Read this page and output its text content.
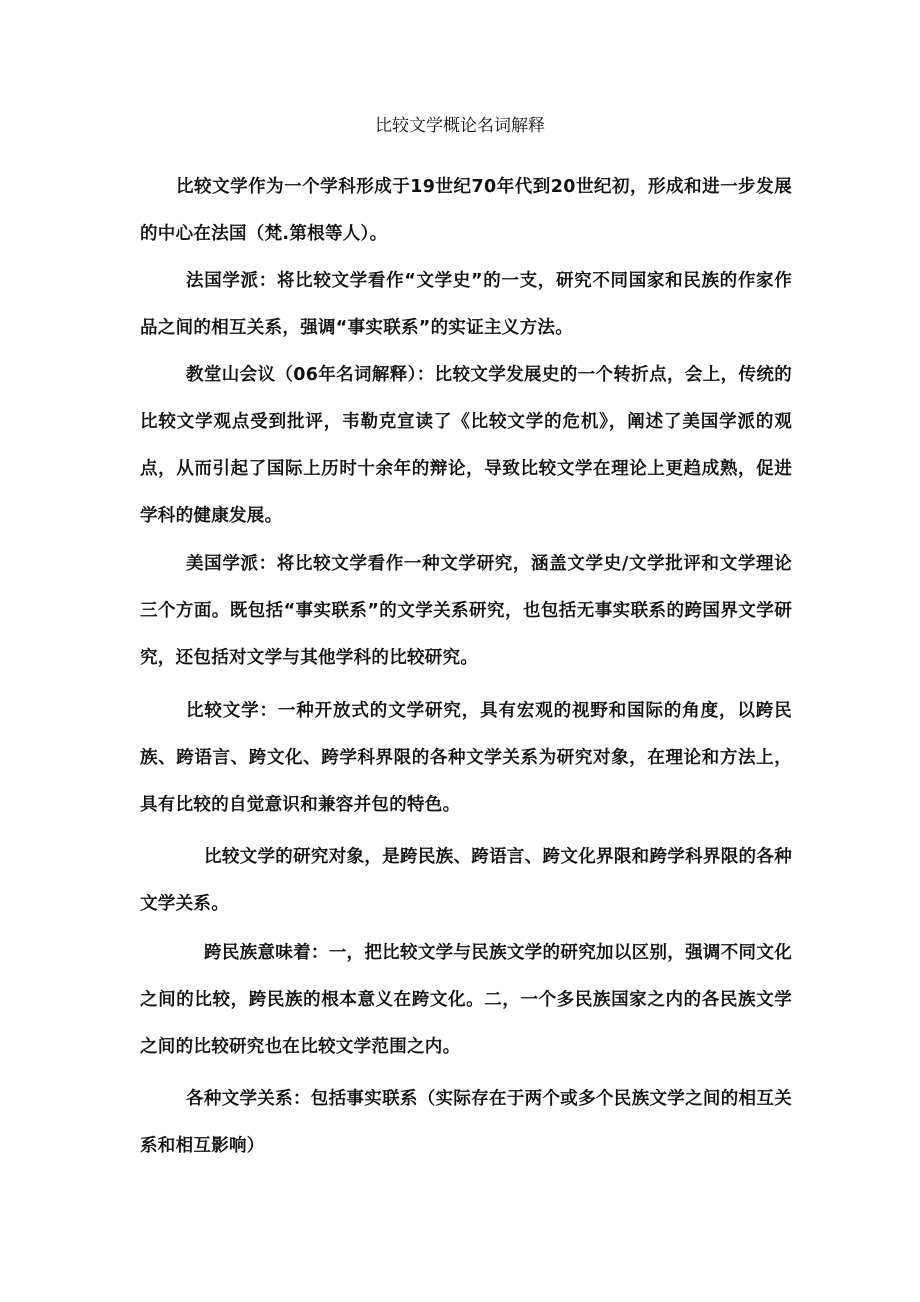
比较文学概论名词解释

比较文学作为一个学科形成于19世纪70年代到20世纪初，形成和进一步发展的中心在法国（梵.第根等人）。

法国学派：将比较文学看作“文学史”的一支，研究不同国家和民族的作家作品之间的相互关系，强调“事实联系”的实证主义方法。

教堂山会议（06年名词解释）：比较文学发展史的一个转折点，会上，传统的比较文学观点受到批评，韦勒克宣读了《比较文学的危机》，阐述了美国学派的观点，从而引起了国际上历时十余年的辩论，导致比较文学在理论上更趋成熟，促进学科的健康发展。

美国学派：将比较文学看作一种文学研究，涵盖文学史/文学批评和文学理论三个方面。既包括“事实联系”的文学关系研究，也包括无事实联系的跨国界文学研究，还包括对文学与其他学科的比较研究。

比较文学：一种开放式的文学研究，具有宏观的视野和国际的角度，以跨民族、跨语言、跨文化、跨学科界限的各种文学关系为研究对象，在理论和方法上，具有比较的自觉意识和兼容并包的特色。

比较文学的研究对象，是跨民族、跨语言、跨文化界限和跨学科界限的各种文学关系。

跨民族意味着：一，把比较文学与民族文学的研究加以区别，强调不同文化之间的比较，跨民族的根本意义在跨文化。二，一个多民族国家之内的各民族文学之间的比较研究也在比较文学范围之内。

各种文学关系：包括事实联系（实际存在于两个或多个民族文学之间的相互关系和相互影响）
